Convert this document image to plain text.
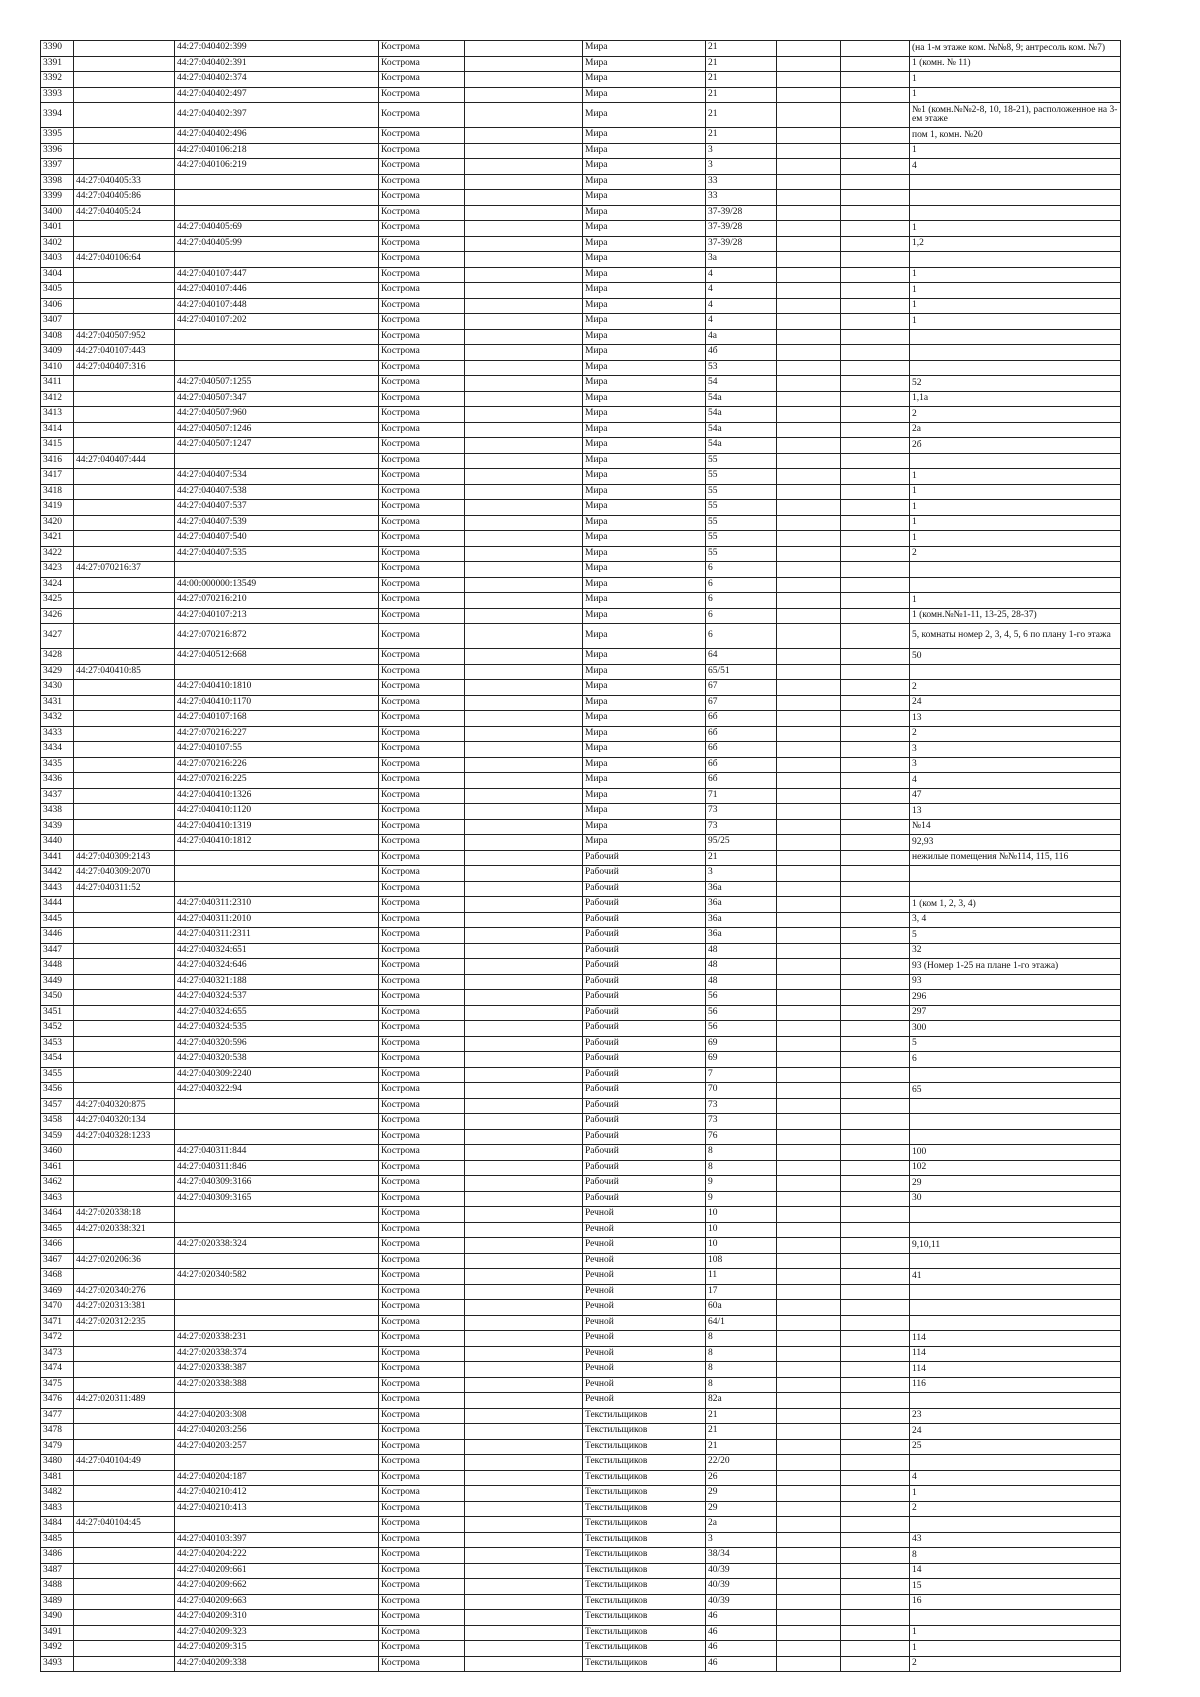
3390		44:27:040402:399	Кострома		Мира	21			(на 1-м этаже ком. №№8, 9; антресоль ком. №7)
3391		44:27:040402:391	Кострома		Мира	21			1 (комн. № 11)
3392		44:27:040402:374	Кострома		Мира	21			1
3393		44:27:040402:497	Кострома		Мира	21			1
3394		44:27:040402:397	Кострома		Мира	21			№1 (комн.№№2-8, 10, 18-21), расположенное на 3-ем этаже
3395		44:27:040402:496	Кострома		Мира	21			пом 1, комн. №20
3396		44:27:040106:218	Кострома		Мира	3			1
3397		44:27:040106:219	Кострома		Мира	3			4
3398	44:27:040405:33		Кострома		Мира	33			
3399	44:27:040405:86		Кострома		Мира	33			
3400	44:27:040405:24		Кострома		Мира	37-39/28			
3401		44:27:040405:69	Кострома		Мира	37-39/28			1
3402		44:27:040405:99	Кострома		Мира	37-39/28			1,2
3403	44:27:040106:64		Кострома		Мира	3а			
3404		44:27:040107:447	Кострома		Мира	4			1
3405		44:27:040107:446	Кострома		Мира	4			1
3406		44:27:040107:448	Кострома		Мира	4			1
3407		44:27:040107:202	Кострома		Мира	4			1
3408	44:27:040507:952		Кострома		Мира	4а			
3409	44:27:040107:443		Кострома		Мира	4б			
3410	44:27:040407:316		Кострома		Мира	53			
3411		44:27:040507:1255	Кострома		Мира	54			52
3412		44:27:040507:347	Кострома		Мира	54а			1,1а
3413		44:27:040507:960	Кострома		Мира	54а			2
3414		44:27:040507:1246	Кострома		Мира	54а			2а
3415		44:27:040507:1247	Кострома		Мира	54а			2б
3416	44:27:040407:444		Кострома		Мира	55			
3417		44:27:040407:534	Кострома		Мира	55			1
3418		44:27:040407:538	Кострома		Мира	55			1
3419		44:27:040407:537	Кострома		Мира	55			1
3420		44:27:040407:539	Кострома		Мира	55			1
3421		44:27:040407:540	Кострома		Мира	55			1
3422		44:27:040407:535	Кострома		Мира	55			2
3423	44:27:070216:37		Кострома		Мира	6			
3424		44:00:000000:13549	Кострома		Мира	6			
3425		44:27:070216:210	Кострома		Мира	6			1
3426		44:27:040107:213	Кострома		Мира	6			1 (комн.№№1-11, 13-25, 28-37)
3427		44:27:070216:872	Кострома		Мира	6			5, комнаты номер 2, 3, 4, 5, 6 по плану 1-го этажа
3428		44:27:040512:668	Кострома		Мира	64			50
3429	44:27:040410:85		Кострома		Мира	65/51			
3430		44:27:040410:1810	Кострома		Мира	67			2
3431		44:27:040410:1170	Кострома		Мира	67			24
3432		44:27:040107:168	Кострома		Мира	6б			13
3433		44:27:070216:227	Кострома		Мира	6б			2
3434		44:27:040107:55	Кострома		Мира	6б			3
3435		44:27:070216:226	Кострома		Мира	6б			3
3436		44:27:070216:225	Кострома		Мира	6б			4
3437		44:27:040410:1326	Кострома		Мира	71			47
3438		44:27:040410:1120	Кострома		Мира	73			13
3439		44:27:040410:1319	Кострома		Мира	73			№14
3440		44:27:040410:1812	Кострома		Мира	95/25			92,93
3441	44:27:040309:2143		Кострома		Рабочий	21			нежилые помещения №№114, 115, 116
3442	44:27:040309:2070		Кострома		Рабочий	3			
3443	44:27:040311:52		Кострома		Рабочий	36а			
3444		44:27:040311:2310	Кострома		Рабочий	36а			1 (ком 1, 2, 3, 4)
3445		44:27:040311:2010	Кострома		Рабочий	36а			3, 4
3446		44:27:040311:2311	Кострома		Рабочий	36а			5
3447		44:27:040324:651	Кострома		Рабочий	48			32
3448		44:27:040324:646	Кострома		Рабочий	48			93 (Номер 1-25 на плане 1-го этажа)
3449		44:27:040321:188	Кострома		Рабочий	48			93
3450		44:27:040324:537	Кострома		Рабочий	56			296
3451		44:27:040324:655	Кострома		Рабочий	56			297
3452		44:27:040324:535	Кострома		Рабочий	56			300
3453		44:27:040320:596	Кострома		Рабочий	69			5
3454		44:27:040320:538	Кострома		Рабочий	69			6
3455		44:27:040309:2240	Кострома		Рабочий	7			
3456		44:27:040322:94	Кострома		Рабочий	70			65
3457	44:27:040320:875		Кострома		Рабочий	73			
3458	44:27:040320:134		Кострома		Рабочий	73			
3459	44:27:040328:1233		Кострома		Рабочий	76			
3460		44:27:040311:844	Кострома		Рабочий	8			100
3461		44:27:040311:846	Кострома		Рабочий	8			102
3462		44:27:040309:3166	Кострома		Рабочий	9			29
3463		44:27:040309:3165	Кострома		Рабочий	9			30
3464	44:27:020338:18		Кострома		Речной	10			
3465	44:27:020338:321		Кострома		Речной	10			
3466		44:27:020338:324	Кострома		Речной	10			9,10,11
3467	44:27:020206:36		Кострома		Речной	108			
3468		44:27:020340:582	Кострома		Речной	11			41
3469	44:27:020340:276		Кострома		Речной	17			
3470	44:27:020313:381		Кострома		Речной	60а			
3471	44:27:020312:235		Кострома		Речной	64/1			
3472		44:27:020338:231	Кострома		Речной	8			114
3473		44:27:020338:374	Кострома		Речной	8			114
3474		44:27:020338:387	Кострома		Речной	8			114
3475		44:27:020338:388	Кострома		Речной	8			116
3476	44:27:020311:489		Кострома		Речной	82а			
3477		44:27:040203:308	Кострома		Текстильщиков	21			23
3478		44:27:040203:256	Кострома		Текстильщиков	21			24
3479		44:27:040203:257	Кострома		Текстильщиков	21			25
3480	44:27:040104:49		Кострома		Текстильщиков	22/20			
3481		44:27:040204:187	Кострома		Текстильщиков	26			4
3482		44:27:040210:412	Кострома		Текстильщиков	29			1
3483		44:27:040210:413	Кострома		Текстильщиков	29			2
3484	44:27:040104:45		Кострома		Текстильщиков	2а			
3485		44:27:040103:397	Кострома		Текстильщиков	3			43
3486		44:27:040204:222	Кострома		Текстильщиков	38/34			8
3487		44:27:040209:661	Кострома		Текстильщиков	40/39			14
3488		44:27:040209:662	Кострома		Текстильщиков	40/39			15
3489		44:27:040209:663	Кострома		Текстильщиков	40/39			16
3490		44:27:040209:310	Кострома		Текстильщиков	46			
3491		44:27:040209:323	Кострома		Текстильщиков	46			1
3492		44:27:040209:315	Кострома		Текстильщиков	46			1
3493		44:27:040209:338	Кострома		Текстильщиков	46			2
